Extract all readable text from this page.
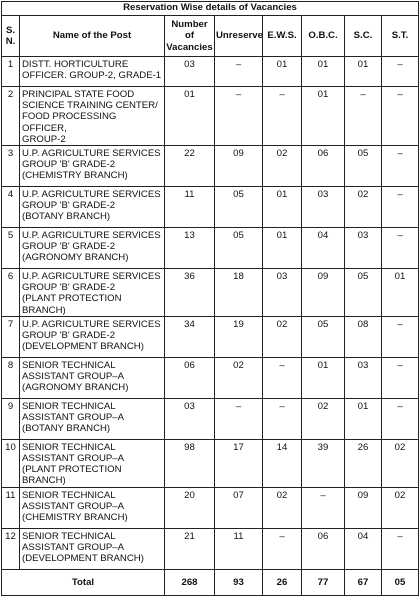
Reservation Wise details of Vacancies							
S. N.	Name of the Post	Number of Vacancies	Unreserve	E.W.S.	O.B.C.	S.C.	S.T.
1	DISTT. HORTICULTURE
OFFICER. GROUP-2, GRADE-1	03	–	01	01	01	–
2	PRINCIPAL STATE FOOD
SCIENCE TRAINING CENTER/
FOOD PROCESSING OFFICER,
GROUP-2	01	–	–	01	–	–
3	U.P. AGRICULTURE SERVICES
GROUP 'B' GRADE-2
(CHEMISTRY BRANCH)	22	09	02	06	05	–
4	U.P. AGRICULTURE SERVICES
GROUP 'B' GRADE-2
(BOTANY BRANCH)	11	05	01	03	02	–
5	U.P. AGRICULTURE SERVICES
GROUP 'B' GRADE-2
(AGRONOMY BRANCH)	13	05	01	04	03	–
6	U.P. AGRICULTURE SERVICES
GROUP 'B' GRADE-2
(PLANT PROTECTION BRANCH)	36	18	03	09	05	01
7	U.P. AGRICULTURE SERVICES
GROUP 'B' GRADE-2
(DEVELOPMENT BRANCH)	34	19	02	05	08	–
8	SENIOR TECHNICAL
ASSISTANT GROUP–A
(AGRONOMY BRANCH)	06	02	–	01	03	–
9	SENIOR TECHNICAL
ASSISTANT GROUP–A
(BOTANY BRANCH)	03	–	–	02	01	–
10	SENIOR TECHNICAL
ASSISTANT GROUP–A
(PLANT PROTECTION BRANCH)	98	17	14	39	26	02
11	SENIOR TECHNICAL
ASSISTANT GROUP–A
(CHEMISTRY BRANCH)	20	07	02	–	09	02
12	SENIOR TECHNICAL
ASSISTANT GROUP–A
(DEVELOPMENT BRANCH)	21	11	–	06	04	–
Total		268	93	26	77	67	05
